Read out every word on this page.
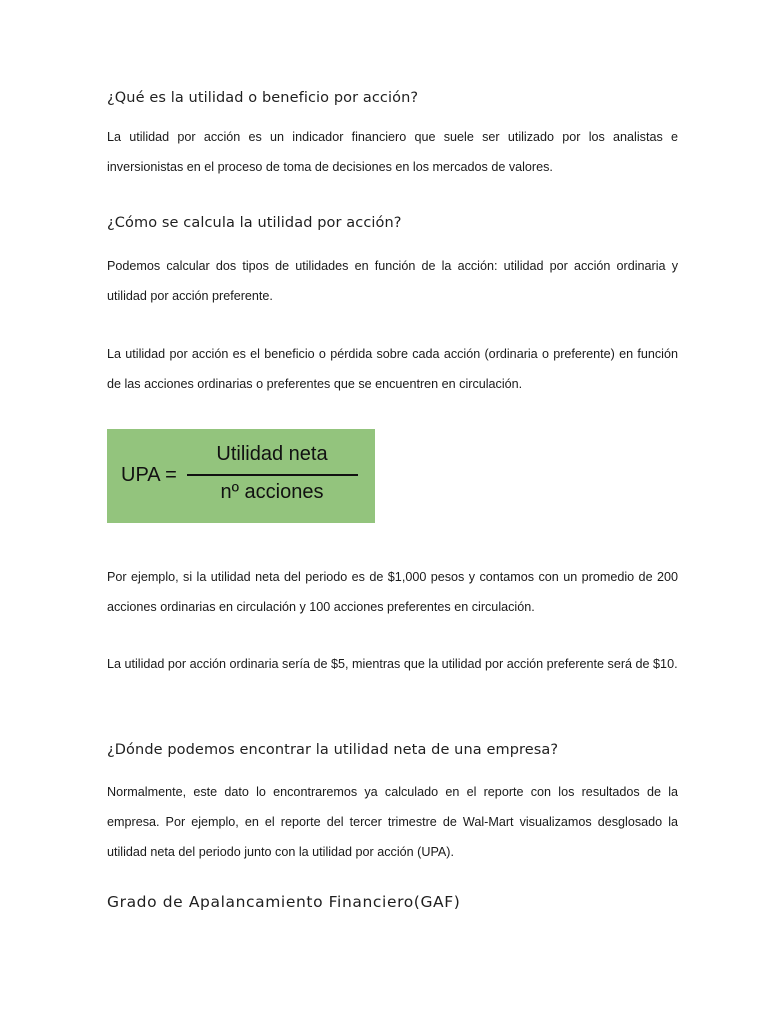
¿Qué es la utilidad o beneficio por acción?

La utilidad por acción es un indicador financiero que suele ser utilizado por los analistas e inversionistas en el proceso de toma de decisiones en los mercados de valores.

¿Cómo se calcula la utilidad por acción?

Podemos calcular dos tipos de utilidades en función de la acción: utilidad por acción ordinaria y utilidad por acción preferente.

La utilidad por acción es el beneficio o pérdida sobre cada acción (ordinaria o preferente) en función de las acciones ordinarias o preferentes que se encuentren en circulación.

UPA =
Utilidad neta
nº acciones

Por ejemplo, si la utilidad neta del periodo es de $1,000 pesos y contamos con un promedio de 200 acciones ordinarias en circulación y 100 acciones preferentes en circulación.

La utilidad por acción ordinaria sería de $5, mientras que la utilidad por acción preferente será de $10.

¿Dónde podemos encontrar la utilidad neta de una empresa?

Normalmente, este dato lo encontraremos ya calculado en el reporte con los resultados de la empresa. Por ejemplo, en el reporte del tercer trimestre de Wal-Mart visualizamos desglosado la utilidad neta del periodo junto con la utilidad por acción (UPA).

Grado de Apalancamiento Financiero(GAF)
